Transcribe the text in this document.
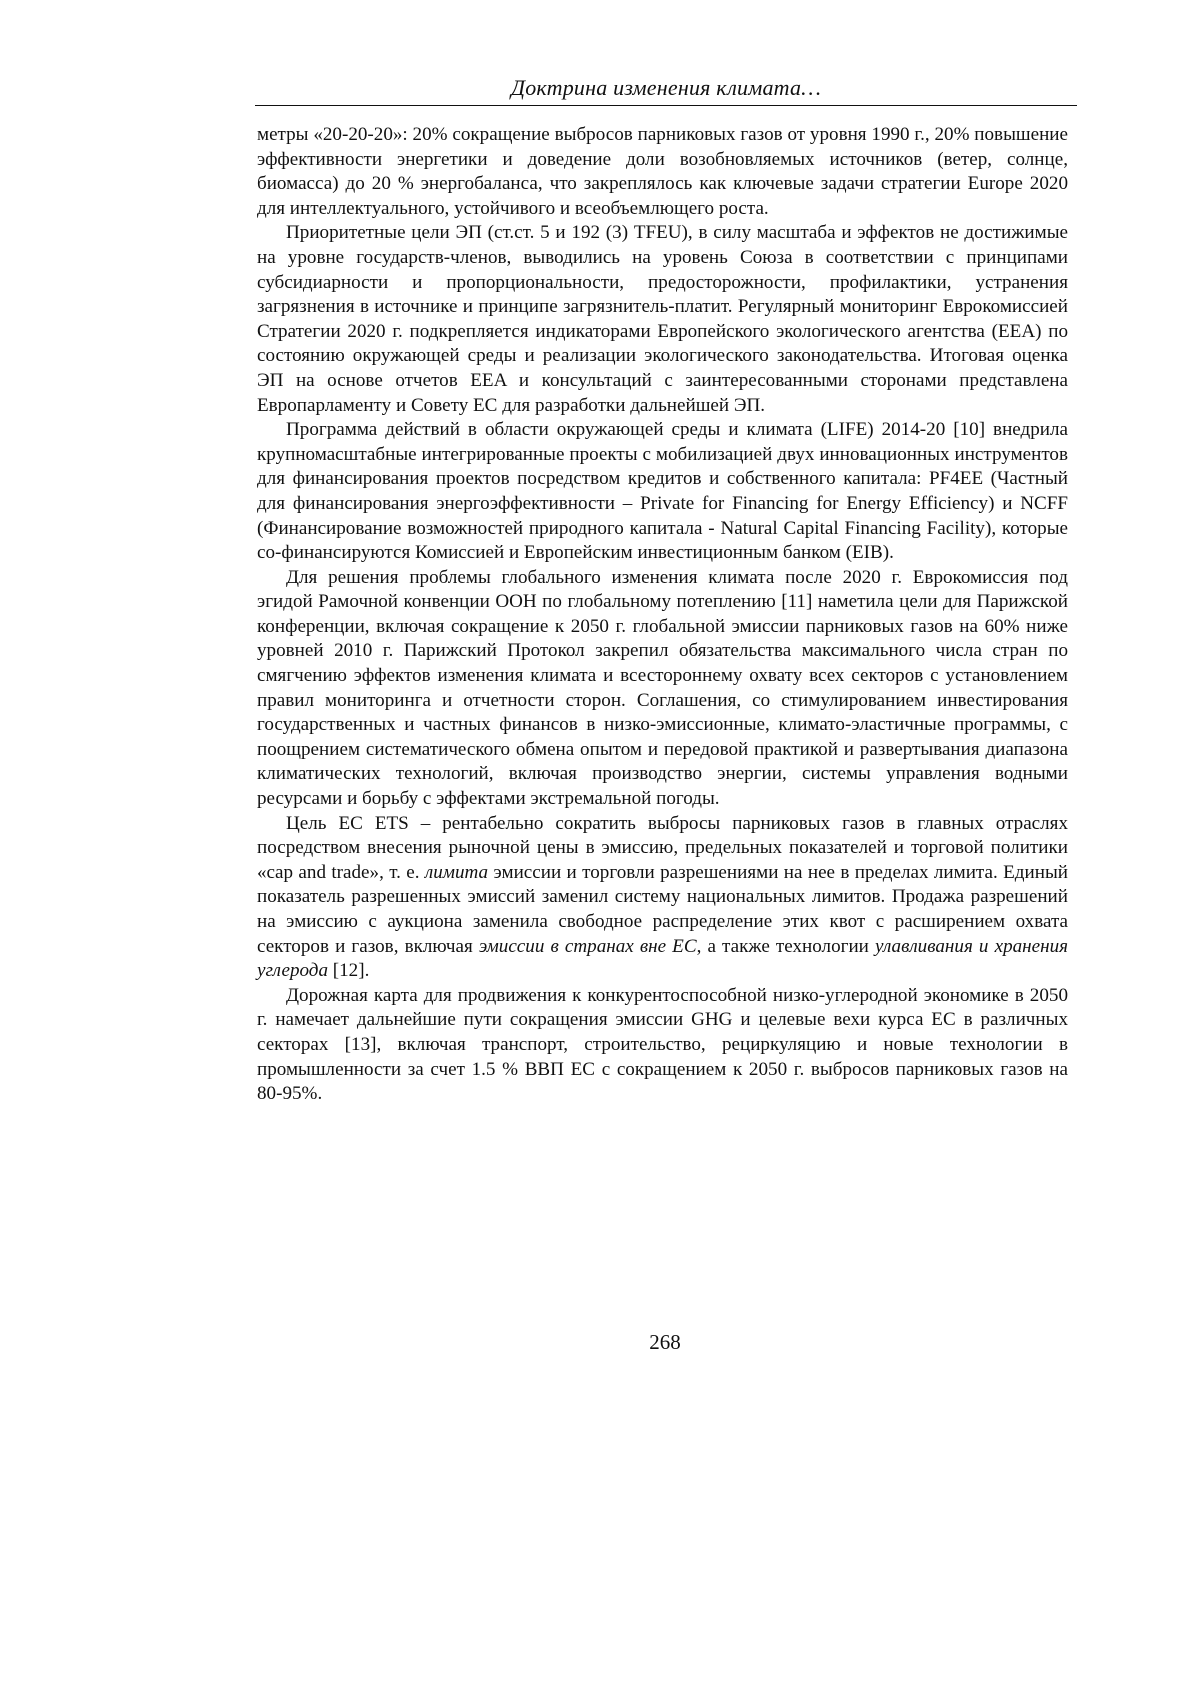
Доктрина изменения климата…

метры «20-20-20»: 20% сокращение выбросов парниковых газов от уровня 1990 г., 20% повышение эффективности энергетики и доведение доли возобновляемых источников (ветер, солнце, биомасса) до 20 % энергобаланса, что закреплялось как ключевые задачи стратегии Europe 2020 для интеллектуального, устойчивого и всеобъемлющего роста.

Приоритетные цели ЭП (ст.ст. 5 и 192 (3) TFEU), в силу масштаба и эффектов не достижимые на уровне государств-членов, выводились на уровень Союза в соответствии с принципами субсидиарности и пропорциональности, предосторожности, профилактики, устранения загрязнения в источнике и принципе загрязнитель-платит. Регулярный мониторинг Еврокомиссией Стратегии 2020 г. подкрепляется индикаторами Европейского экологического агентства (EEA) по состоянию окружающей среды и реализации экологического законодательства. Итоговая оценка ЭП на основе отчетов EEA и консультаций с заинтересованными сторонами представлена Европарламенту и Совету ЕС для разработки дальнейшей ЭП.

Программа действий в области окружающей среды и климата (LIFE) 2014-20 [10] внедрила крупномасштабные интегрированные проекты с мобилизацией двух инновационных инструментов для финансирования проектов посредством кредитов и собственного капитала: PF4EE (Частный для финансирования энергоэффективности – Private for Financing for Energy Efficiency) и NCFF (Финансирование возможностей природного капитала - Natural Capital Financing Facility), которые со-финансируются Комиссией и Европейским инвестиционным банком (EIB).

Для решения проблемы глобального изменения климата после 2020 г. Еврoкомиссия под эгидой Рамочной конвенции ООН по глобальному потеплению [11] наметила цели для Парижской конференции, включая сокращение к 2050 г. глобальной эмиссии парниковых газов на 60% ниже уровней 2010 г. Парижский Протокол закрепил обязательства максимального числа стран по смягчению эффектов изменения климата и всестороннему охвату всех секторов с установлением правил мониторинга и отчетности сторон. Соглашения, со стимулированием инвестирования государственных и частных финансов в низко-эмиссионные, климато-эластичные программы, с поощрением систематического обмена опытом и передовой практикой и развертывания диапазона климатических технологий, включая производство энергии, системы управления водными ресурсами и борьбу с эффектами экстремальной погоды.

Цель EC ETS – рентабельно сократить выбросы парниковых газов в главных отраслях посредством внесения рыночной цены в эмиссию, предельных показателей и торговой политики «cap and trade», т. е. лимита эмиссии и торговли разрешениями на нее в пределах лимита. Единый показатель разрешенных эмиссий заменил систему национальных лимитов. Продажа разрешений на эмиссию с аукциона заменила свободное распределение этих квот с расширением охвата секторов и газов, включая эмиссии в странах вне ЕС, а также технологии улавливания и хранения углерода [12].

Дорожная карта для продвижения к конкурентоспособной низко-углеродной экономике в 2050 г. намечает дальнейшие пути сокращения эмиссии GHG и целевые вехи курса ЕС в различных секторах [13], включая транспорт, строительство, рециркуляцию и новые технологии в промышленности за счет 1.5 % ВВП ЕС с сокращением к 2050 г. выбросов парниковых газов на 80-95%.

268
